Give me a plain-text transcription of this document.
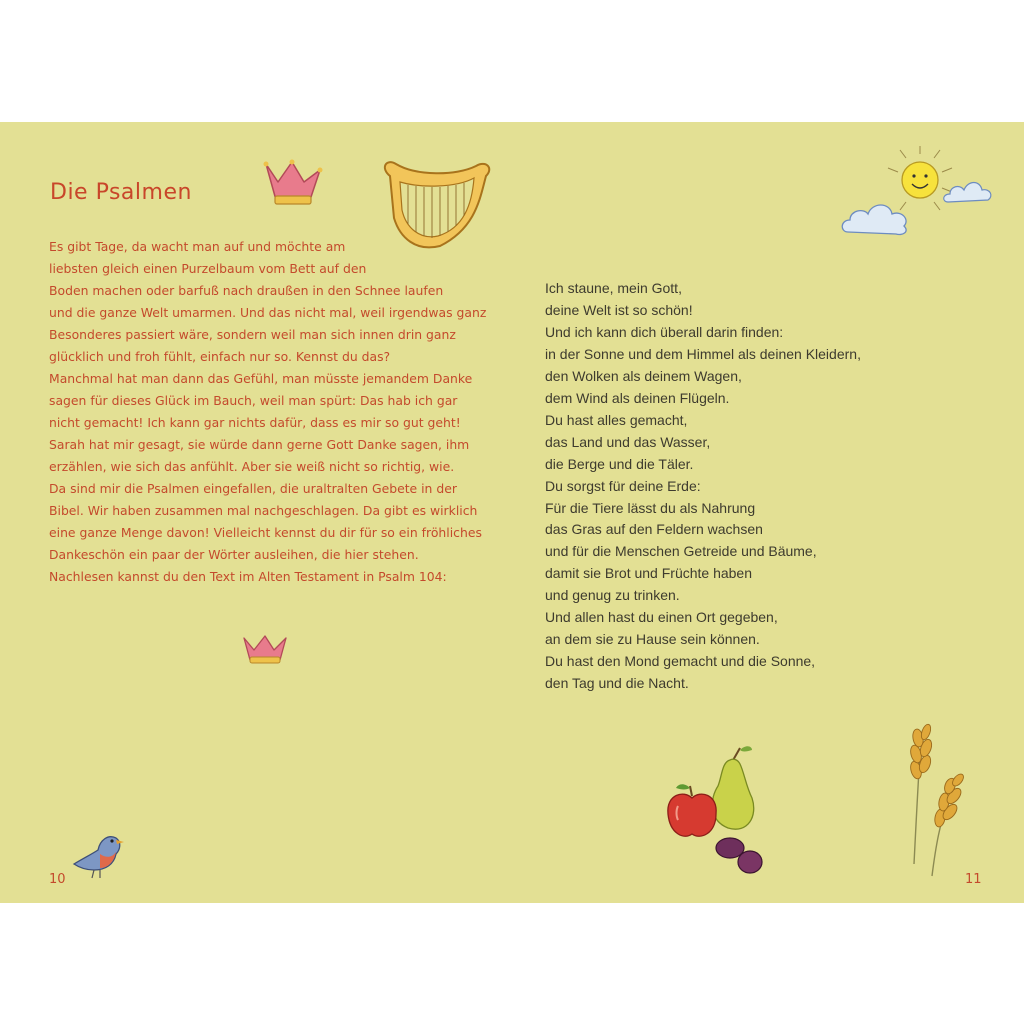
Die Psalmen
Es gibt Tage, da wacht man auf und möchte am
liebsten gleich einen Purzelbaum vom Bett auf den
Boden machen oder barfuß nach draußen in den Schnee laufen
und die ganze Welt umarmen. Und das nicht mal, weil irgendwas ganz
Besonderes passiert wäre, sondern weil man sich innen drin ganz
glücklich und froh fühlt, einfach nur so. Kennst du das?
Manchmal hat man dann das Gefühl, man müsste jemandem Danke
sagen für dieses Glück im Bauch, weil man spürt: Das hab ich gar
nicht gemacht! Ich kann gar nichts dafür, dass es mir so gut geht!
Sarah hat mir gesagt, sie würde dann gerne Gott Danke sagen, ihm
erzählen, wie sich das anfühlt. Aber sie weiß nicht so richtig, wie.
Da sind mir die Psalmen eingefallen, die uraltralten Gebete in der
Bibel. Wir haben zusammen mal nachgeschlagen. Da gibt es wirklich
eine ganze Menge davon! Vielleicht kennst du dir für so ein fröhliches
Dankeschön ein paar der Wörter ausleihen, die hier stehen.
Nachlesen kannst du den Text im Alten Testament in Psalm 104:
10
Ich staune, mein Gott,
deine Welt ist so schön!
Und ich kann dich überall darin finden:
in der Sonne und dem Himmel als deinen Kleidern,
den Wolken als deinem Wagen,
dem Wind als deinen Flügeln.
Du hast alles gemacht,
das Land und das Wasser,
die Berge und die Täler.
Du sorgst für deine Erde:
Für die Tiere lässt du als Nahrung
das Gras auf den Feldern wachsen
und für die Menschen Getreide und Bäume,
damit sie Brot und Früchte haben
und genug zu trinken.
Und allen hast du einen Ort gegeben,
an dem sie zu Hause sein können.
Du hast den Mond gemacht und die Sonne,
den Tag und die Nacht.
11
